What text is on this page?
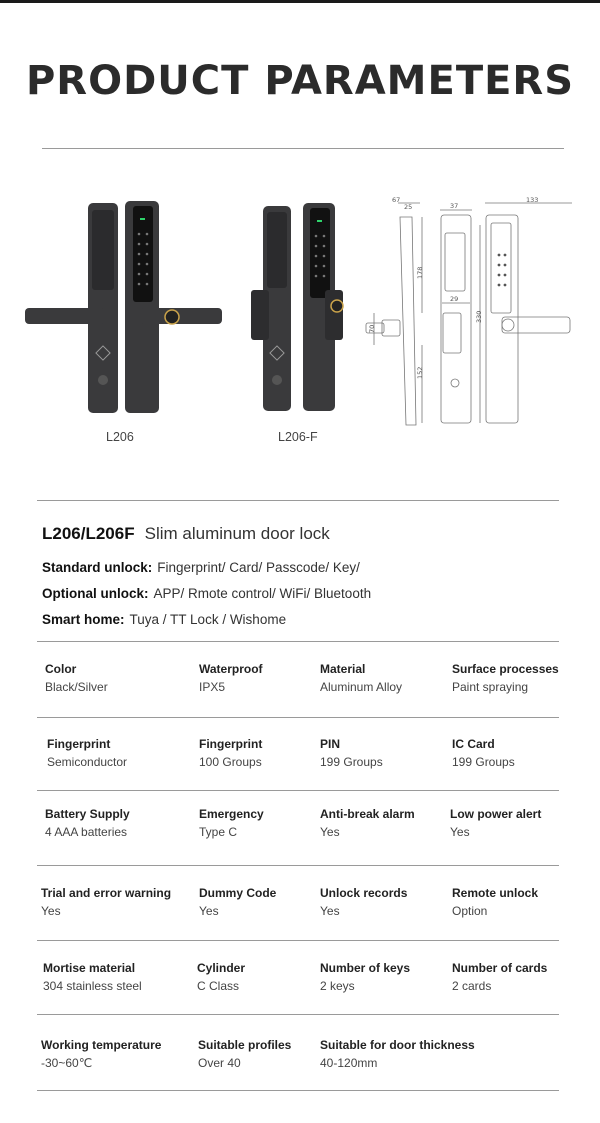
PRODUCT PARAMETERS
L206	L206-F
67
25	37
133
178
70
152
29
330
L206/L206F Slim aluminum door lock
Standard unlock: Fingerprint/ Card/ Passcode/ Key/
Optional unlock: APP/ Rmote control/ WiFi/ Bluetooth
Smart home: Tuya / TT Lock / Wishome
Color
Black/Silver
Waterproof
IPX5
Material
Aluminum Alloy
Surface processes
Paint spraying
Fingerprint
Semiconductor
Fingerprint
100 Groups
PIN
199 Groups
IC Card
199 Groups
Battery Supply
4 AAA batteries
Emergency
Type C
Anti-break alarm
Yes
Low power alert
Yes
Trial and error warning
Yes
Dummy Code
Yes
Unlock records
Yes
Remote unlock
Option
Mortise material
304 stainless steel
Cylinder
C Class
Number of keys
2 keys
Number of cards
2 cards
Working temperature
-30~60℃
Suitable profiles
Over 40
Suitable for door thickness
40-120mm
